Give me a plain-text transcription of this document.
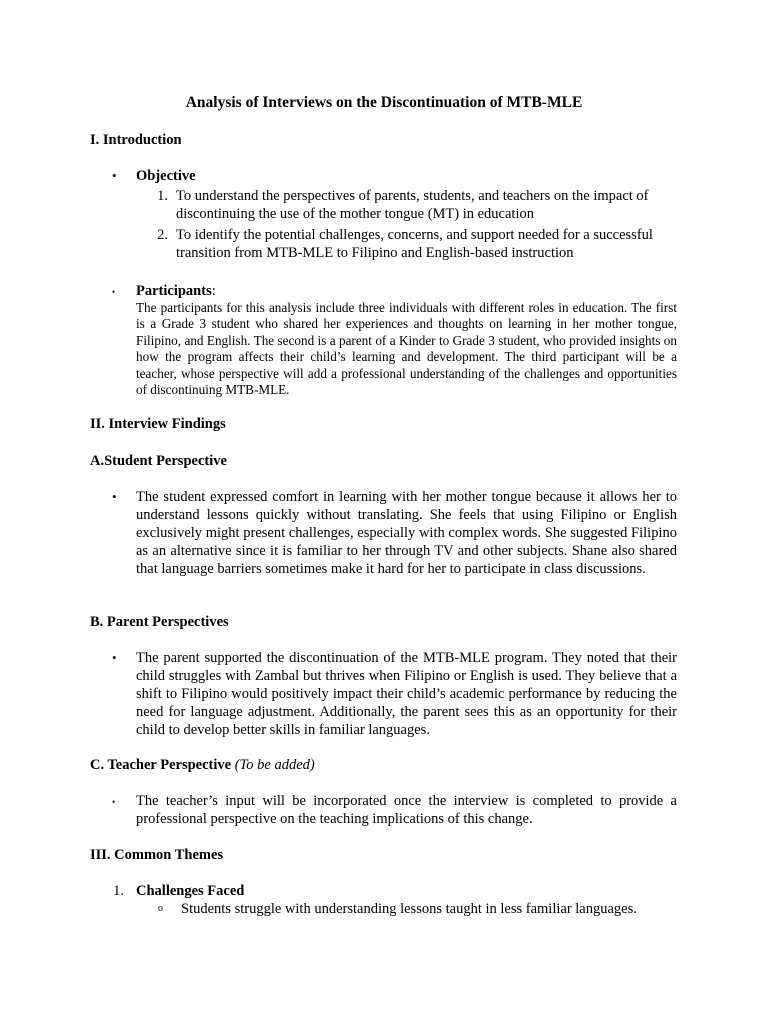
Analysis of Interviews on the Discontinuation of MTB-MLE
I. Introduction
• Objective
1. To understand the perspectives of parents, students, and teachers on the impact of discontinuing the use of the mother tongue (MT) in education
2. To identify the potential challenges, concerns, and support needed for a successful transition from MTB-MLE to Filipino and English-based instruction
• Participants:
The participants for this analysis include three individuals with different roles in education. The first is a Grade 3 student who shared her experiences and thoughts on learning in her mother tongue, Filipino, and English. The second is a parent of a Kinder to Grade 3 student, who provided insights on how the program affects their child’s learning and development. The third participant will be a teacher, whose perspective will add a professional understanding of the challenges and opportunities of discontinuing MTB-MLE.
II. Interview Findings
A.Student Perspective
• The student expressed comfort in learning with her mother tongue because it allows her to understand lessons quickly without translating. She feels that using Filipino or English exclusively might present challenges, especially with complex words. She suggested Filipino as an alternative since it is familiar to her through TV and other subjects. Shane also shared that language barriers sometimes make it hard for her to participate in class discussions.
B. Parent Perspectives
• The parent supported the discontinuation of the MTB-MLE program. They noted that their child struggles with Zambal but thrives when Filipino or English is used. They believe that a shift to Filipino would positively impact their child’s academic performance by reducing the need for language adjustment. Additionally, the parent sees this as an opportunity for their child to develop better skills in familiar languages.
C. Teacher Perspective (To be added)
• The teacher’s input will be incorporated once the interview is completed to provide a professional perspective on the teaching implications of this change.
III. Common Themes
1. Challenges Faced
o Students struggle with understanding lessons taught in less familiar languages.
